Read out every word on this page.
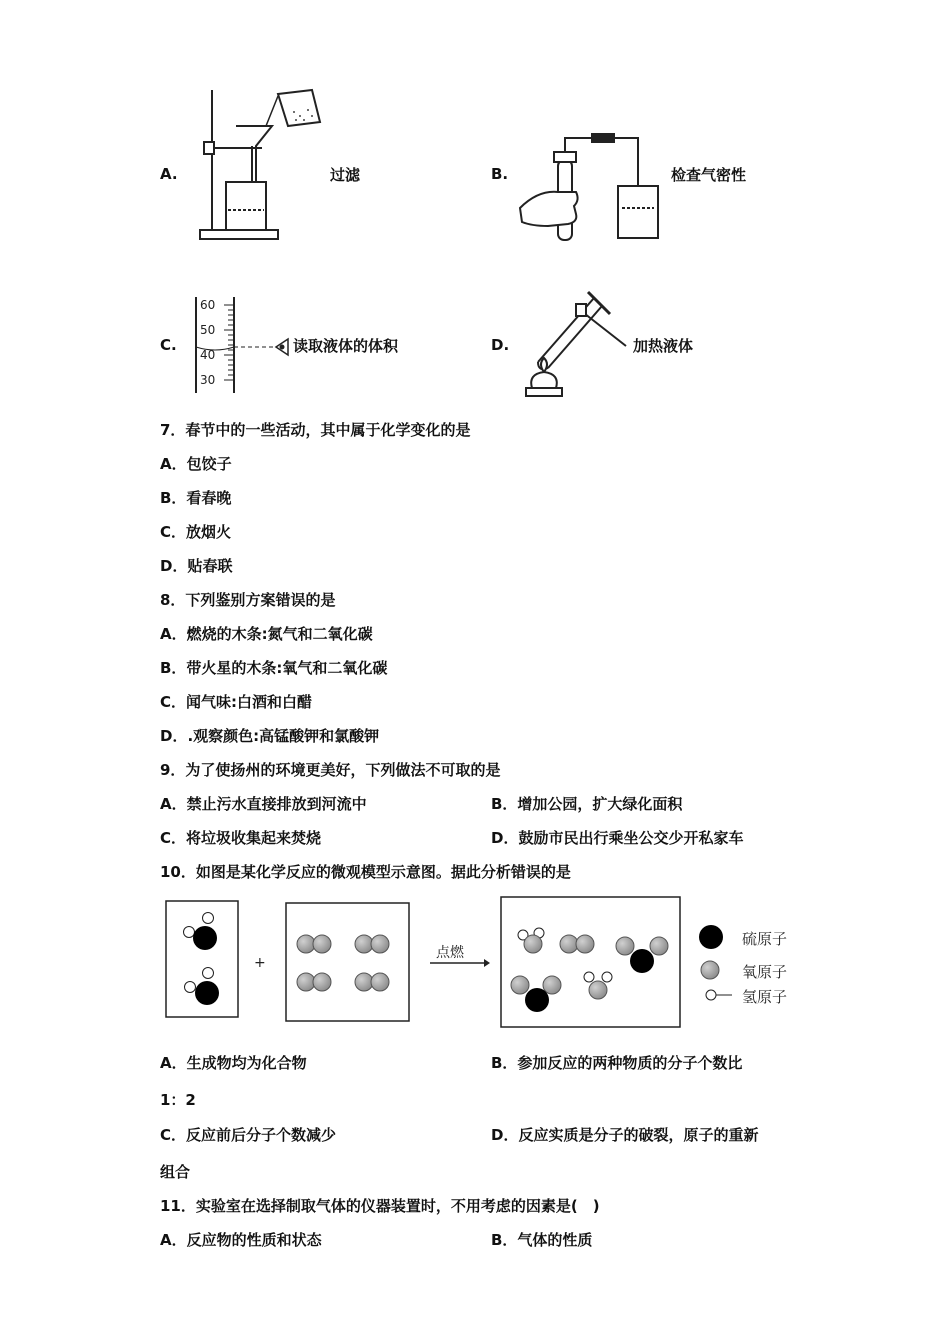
A.	过滤	B.	检查气密性
C.
60
50
40
30
读取液体的体积	D.	加热液体
7．春节中的一些活动，其中属于化学变化的是
A．包饺子
B．看春晚
C．放烟火
D．贴春联
8．下列鉴别方案错误的是
A．燃烧的木条:氮气和二氧化碳
B．带火星的木条:氧气和二氧化碳
C．闻气味:白酒和白醋
D．.观察颜色:高锰酸钾和氯酸钾
9．为了使扬州的环境更美好，下列做法不可取的是
A．禁止污水直接排放到河流中	B．增加公园，扩大绿化面积
C．将垃圾收集起来焚烧	D．鼓励市民出行乘坐公交少开私家车
10．如图是某化学反应的微观模型示意图。据此分析错误的是
+
点燃
硫原子
氧原子
氢原子
A．生成物均为化合物	B．参加反应的两种物质的分子个数比
1：2
C．反应前后分子个数减少	D．反应实质是分子的破裂，原子的重新
组合
11．实验室在选择制取气体的仪器装置时，不用考虑的因素是(　)
A．反应物的性质和状态	B．气体的性质
